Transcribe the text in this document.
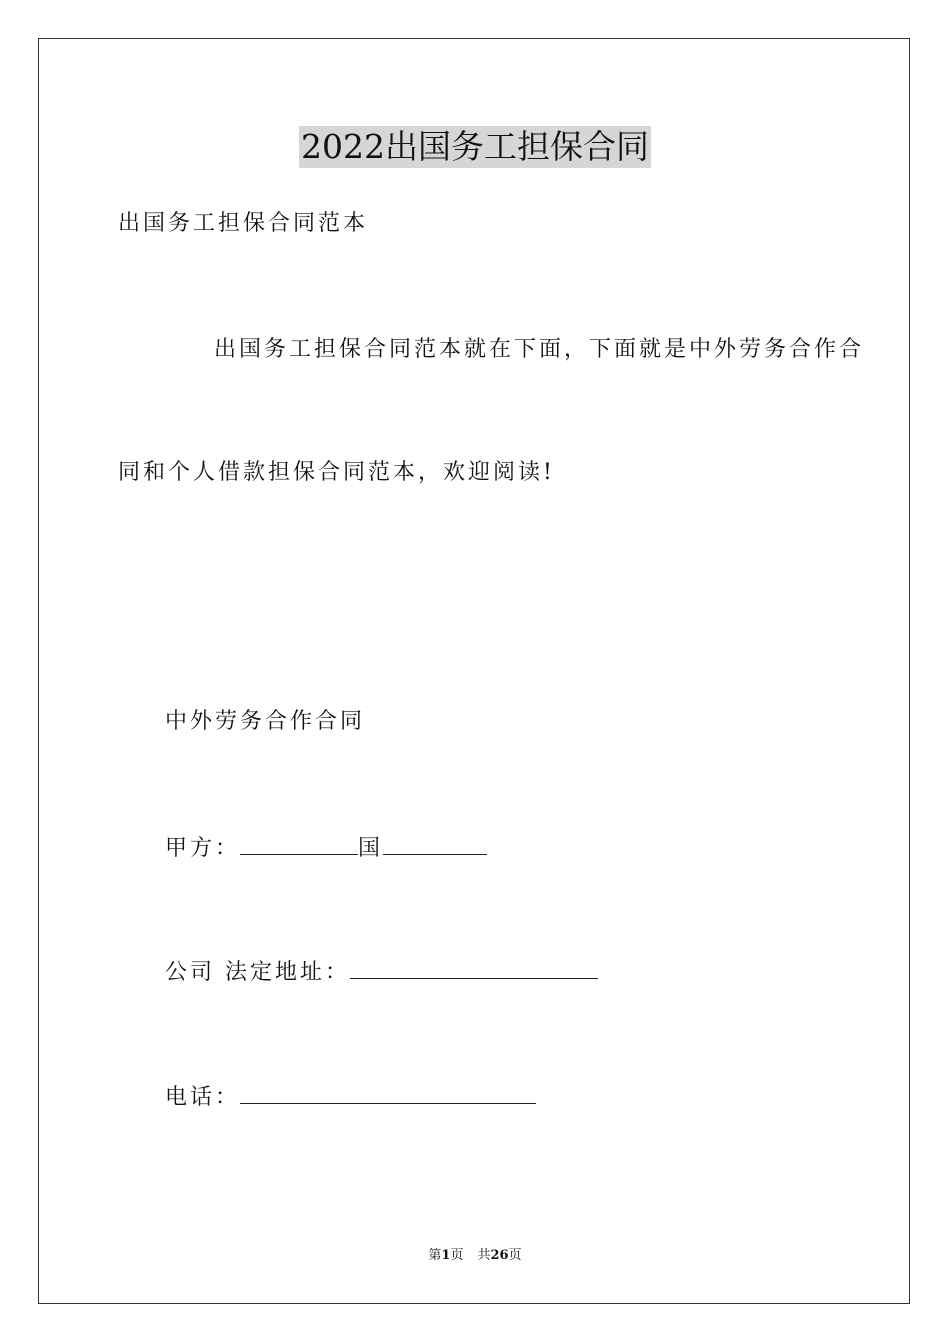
2022出国务工担保合同
出国务工担保合同范本
出国务工担保合同范本就在下面，下面就是中外劳务合作合
同和个人借款担保合同范本，欢迎阅读!
中外劳务合作合同
甲方：	国
公司 法定地址：
电话：
第1页 共26页
